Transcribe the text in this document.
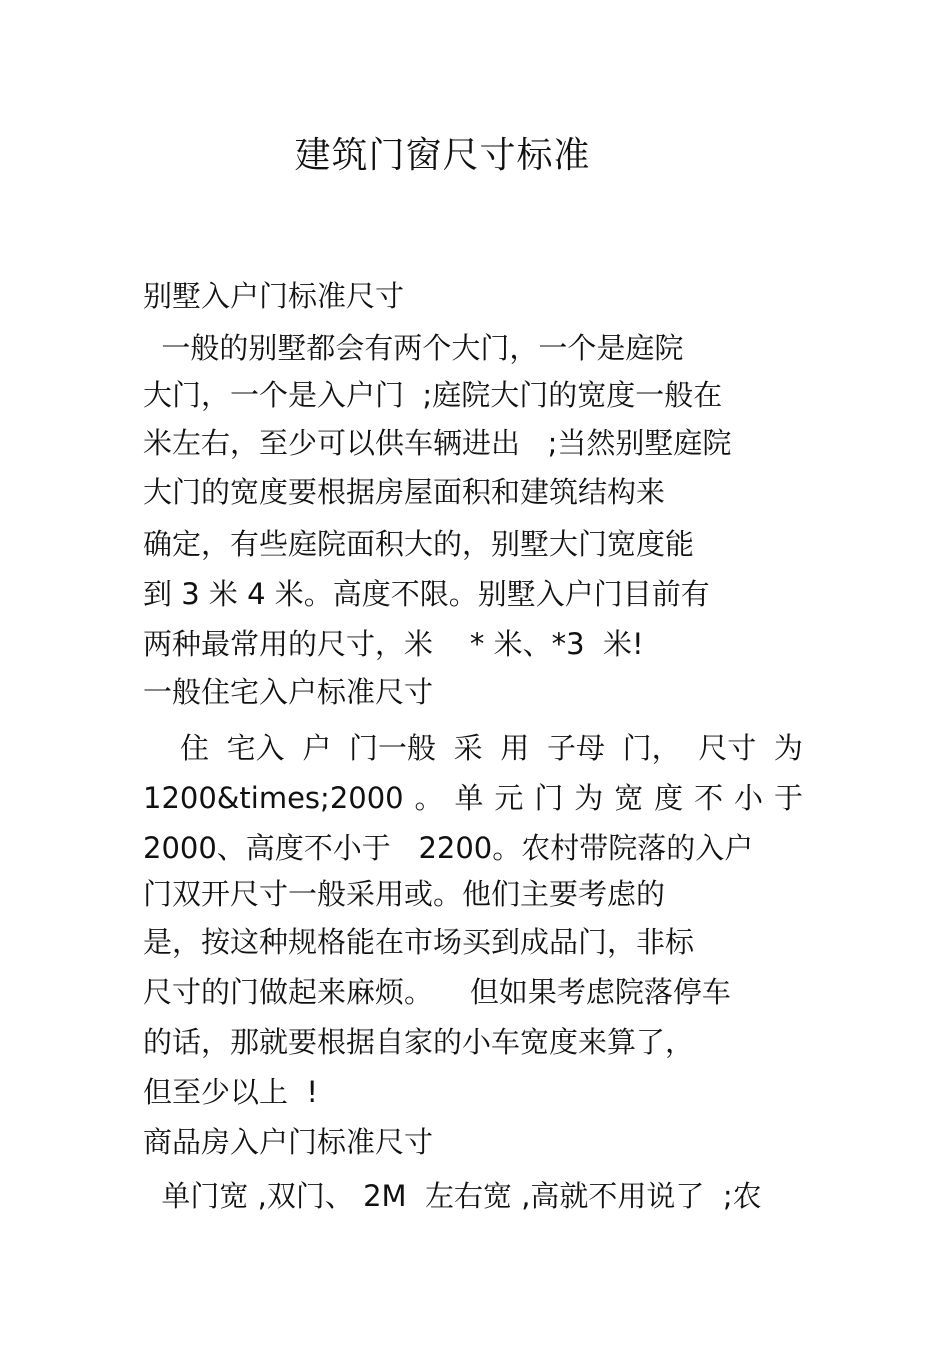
建筑门窗尺寸标准
别墅入户门标准尺寸
一般的别墅都会有两个大门，一个是庭院
大门，一个是入户门  ;庭院大门的宽度一般在
米左右，至少可以供车辆进出   ;当然别墅庭院
大门的宽度要根据房屋面积和建筑结构来
确定，有些庭院面积大的，别墅大门宽度能
到 3 米 4 米。高度不限。别墅入户门目前有
两种最常用的尺寸，米    * 米、*3  米!
一般住宅入户标准尺寸
住 宅入 户 门一般 采 用 子母 门， 尺寸 为
1200&times;2000 。 单 元 门 为 宽 度 不 小 于
2000、高度不小于   2200。农村带院落的入户
门双开尺寸一般采用或。他们主要考虑的
是，按这种规格能在市场买到成品门，非标
尺寸的门做起来麻烦。    但如果考虑院落停车
的话，那就要根据自家的小车宽度来算了，
但至少以上  !
商品房入户门标准尺寸
单门宽 ,双门、 2M  左右宽 ,高就不用说了  ;农
